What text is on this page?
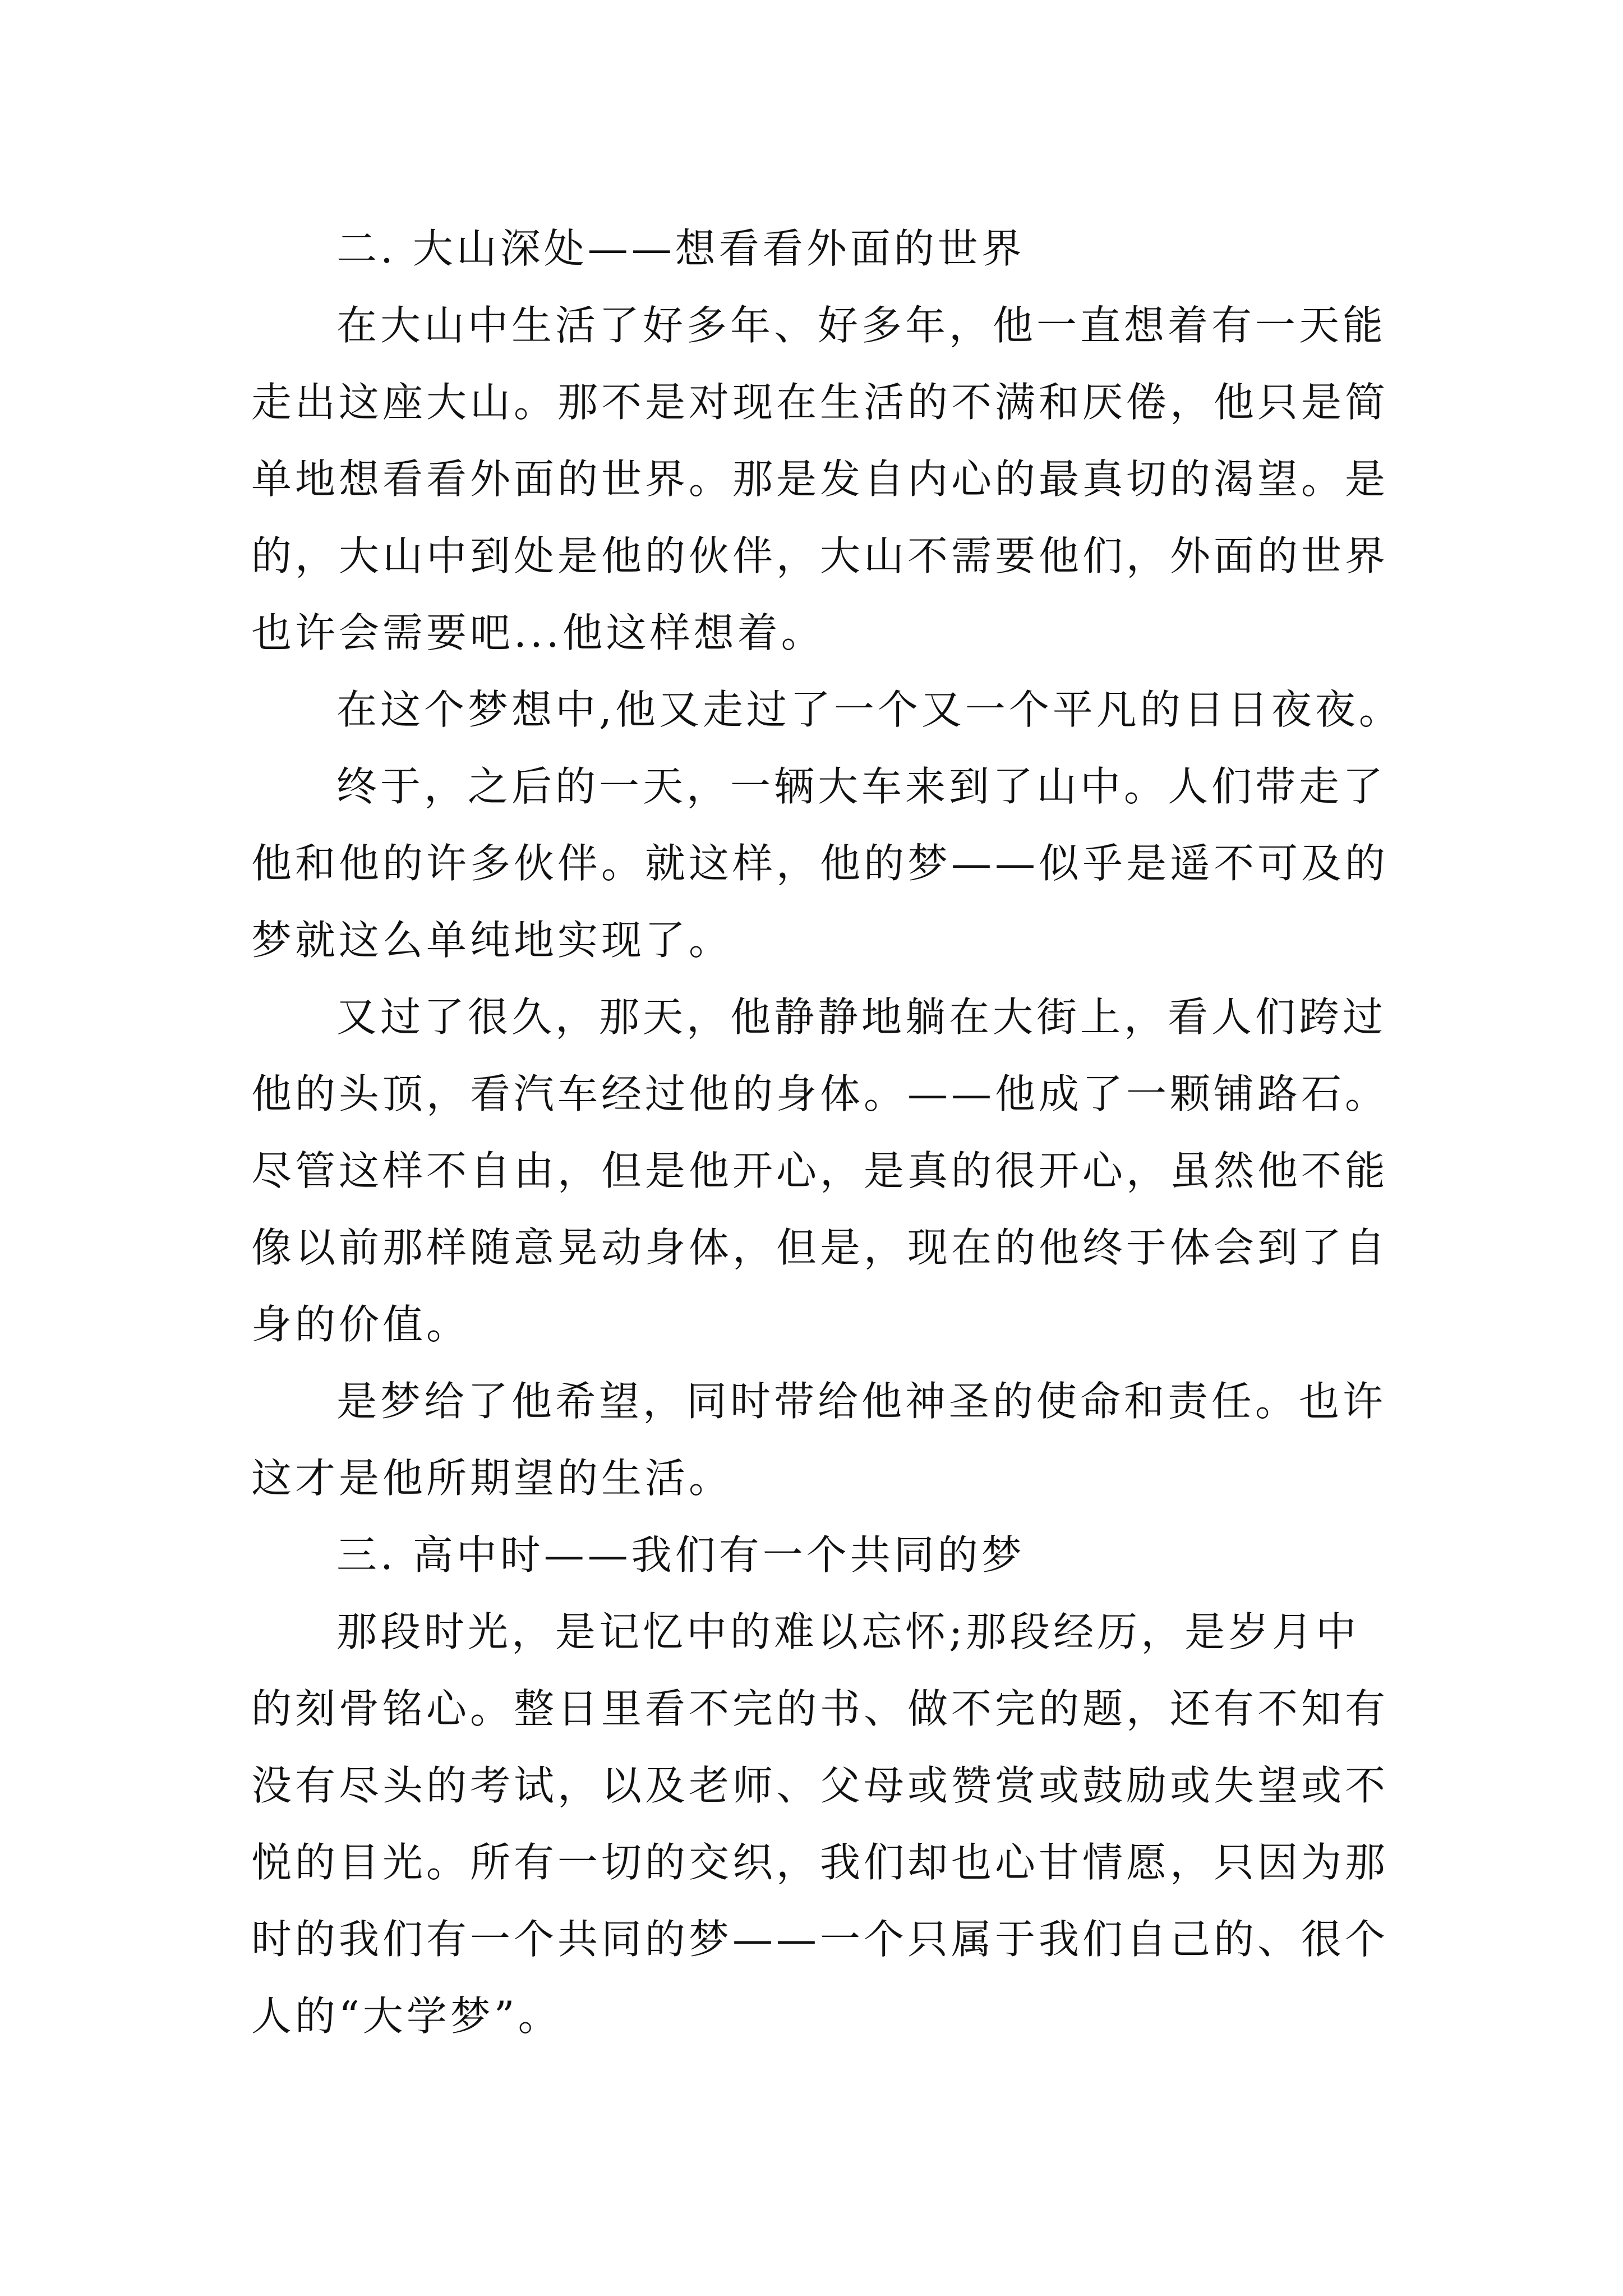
二. 大山深处——想看看外面的世界

在大山中生活了好多年、好多年，他一直想着有一天能
走出这座大山。那不是对现在生活的不满和厌倦，他只是简
单地想看看外面的世界。那是发自内心的最真切的渴望。是
的，大山中到处是他的伙伴，大山不需要他们，外面的世界
也许会需要吧...他这样想着。

在这个梦想中,他又走过了一个又一个平凡的日日夜夜。

终于，之后的一天，一辆大车来到了山中。人们带走了
他和他的许多伙伴。就这样，他的梦——似乎是遥不可及的
梦就这么单纯地实现了。

又过了很久，那天，他静静地躺在大街上，看人们跨过
他的头顶，看汽车经过他的身体。——他成了一颗铺路石。
尽管这样不自由，但是他开心，是真的很开心，虽然他不能
像以前那样随意晃动身体，但是，现在的他终于体会到了自
身的价值。

是梦给了他希望，同时带给他神圣的使命和责任。也许
这才是他所期望的生活。

三. 高中时——我们有一个共同的梦

那段时光，是记忆中的难以忘怀;那段经历，是岁月中
的刻骨铭心。整日里看不完的书、做不完的题，还有不知有
没有尽头的考试，以及老师、父母或赞赏或鼓励或失望或不
悦的目光。所有一切的交织，我们却也心甘情愿，只因为那
时的我们有一个共同的梦——一个只属于我们自己的、很个
人的“大学梦”。
